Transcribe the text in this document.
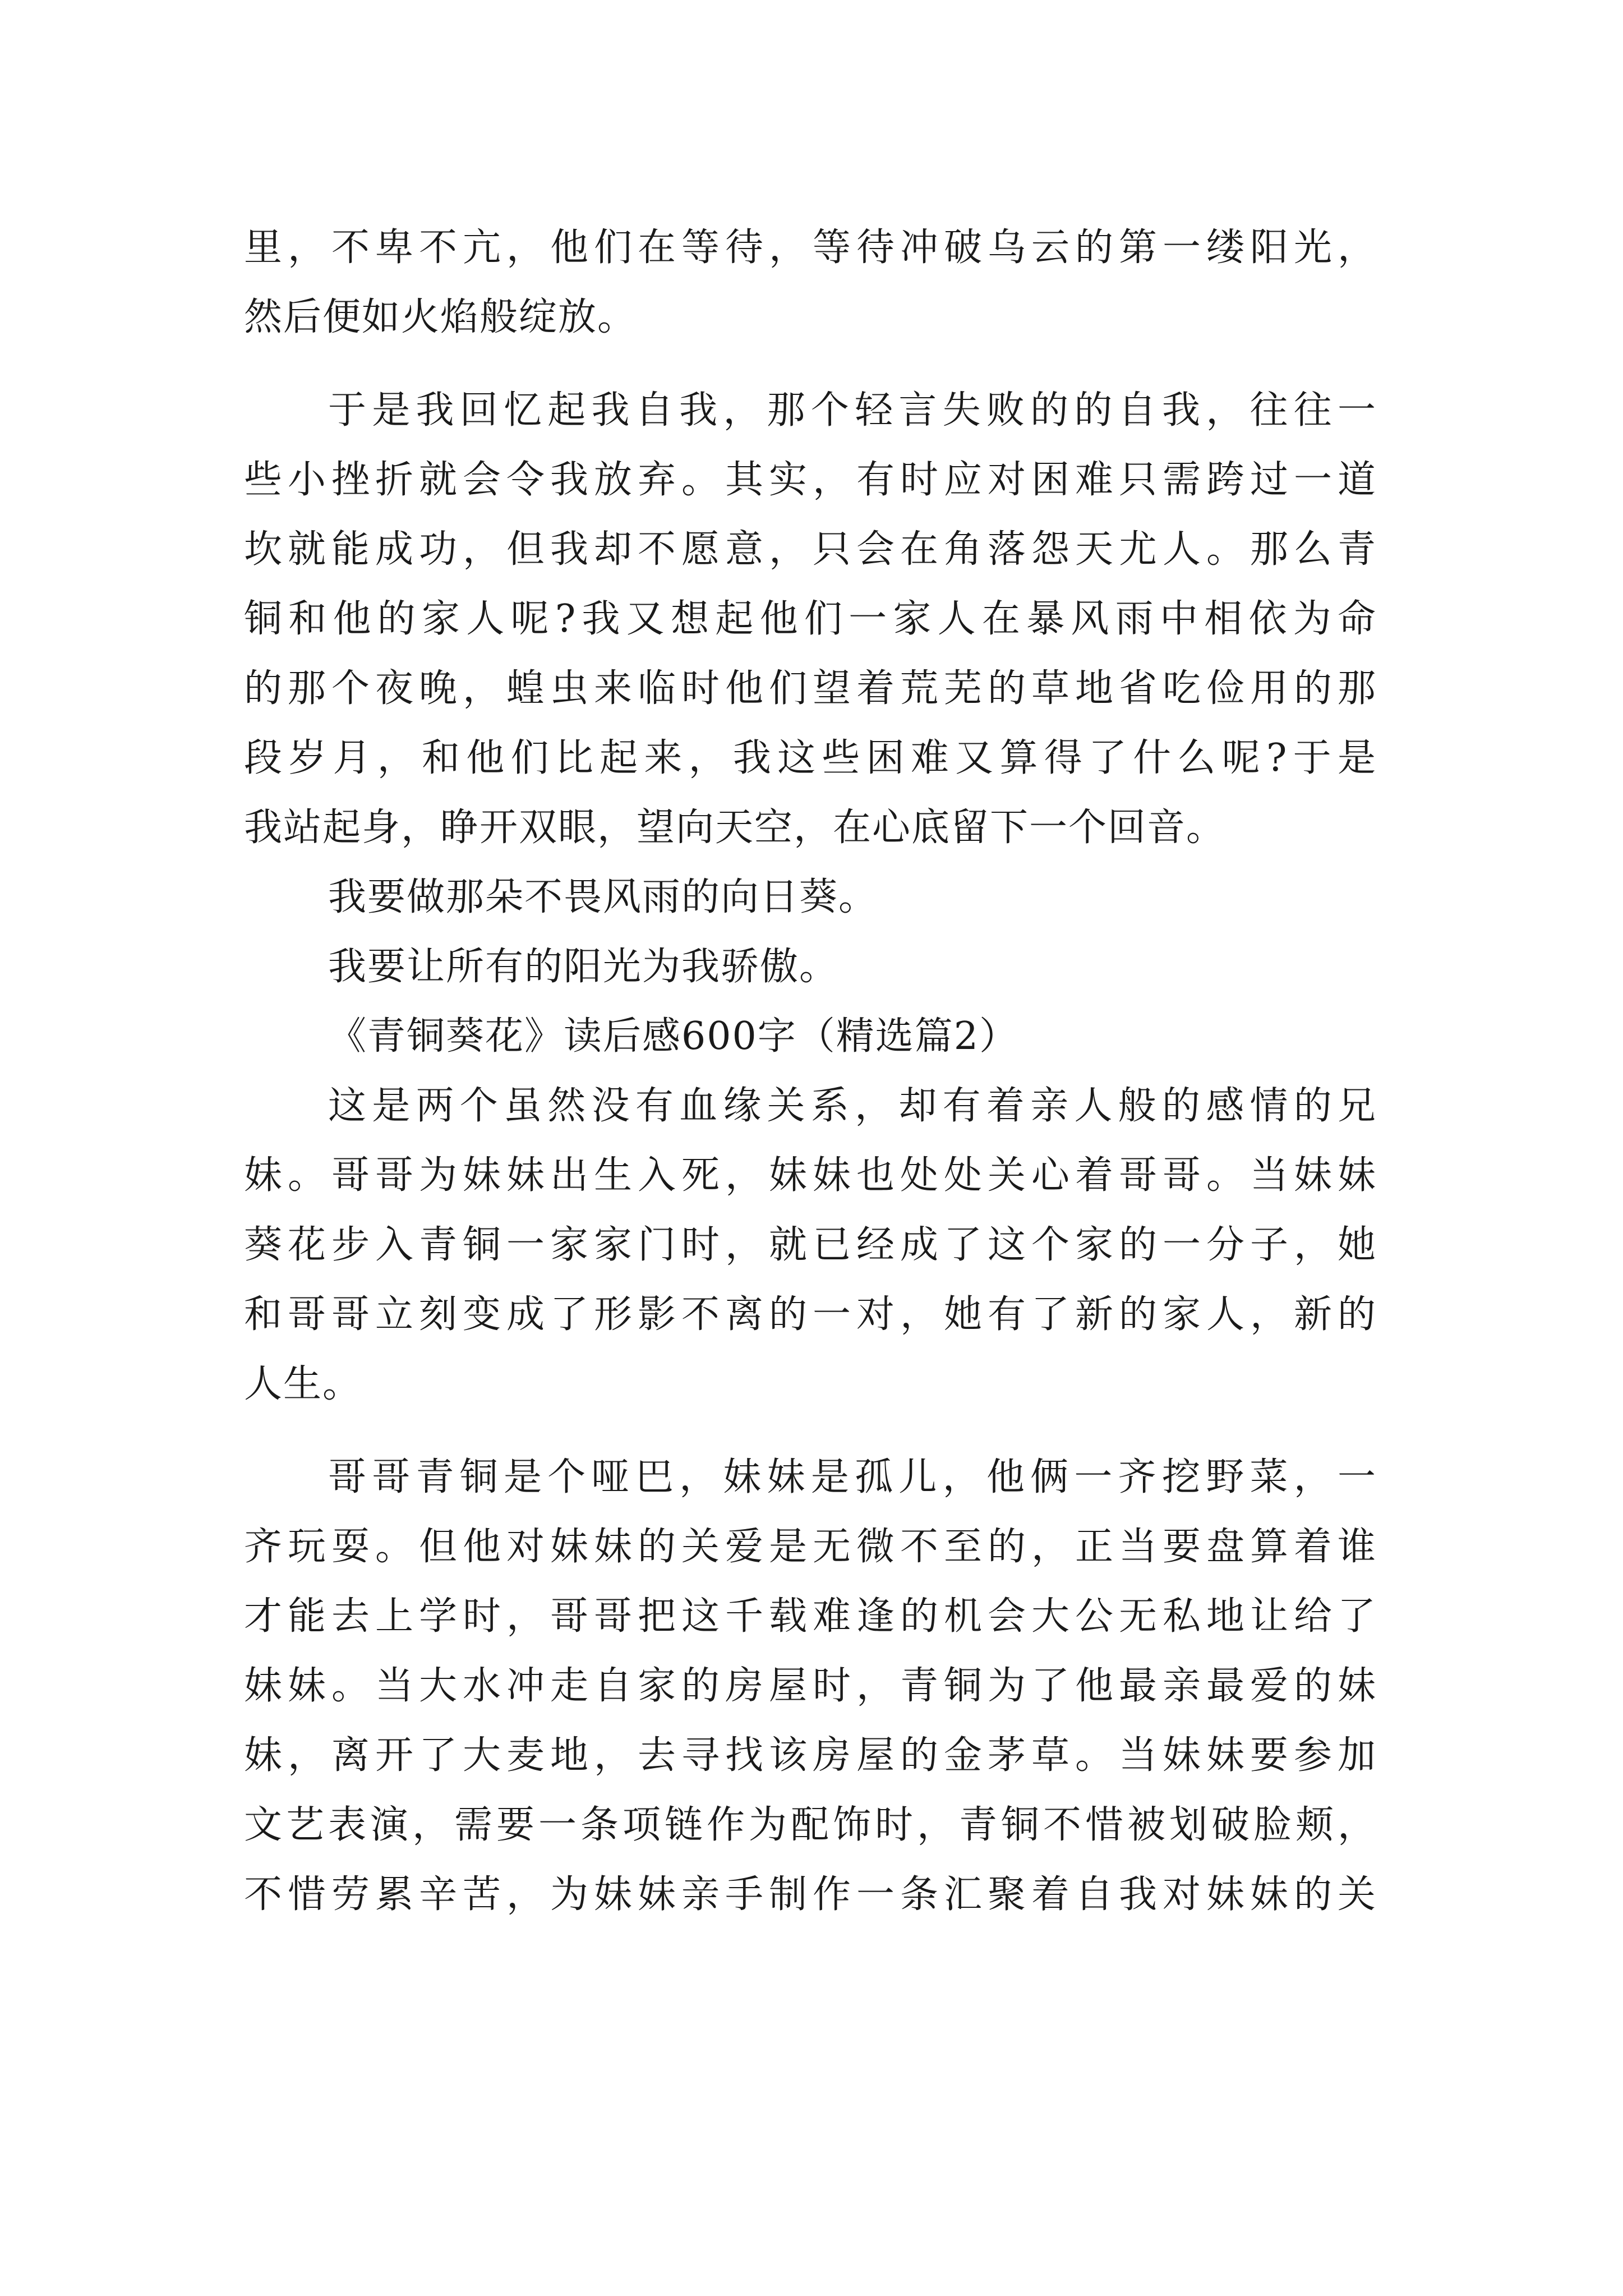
里，不卑不亢，他们在等待，等待冲破乌云的第一缕阳光，
然后便如火焰般绽放。
于是我回忆起我自我，那个轻言失败的的自我，往往一
些小挫折就会令我放弃。其实，有时应对困难只需跨过一道
坎就能成功，但我却不愿意，只会在角落怨天尤人。那么青
铜和他的家人呢?我又想起他们一家人在暴风雨中相依为命
的那个夜晚，蝗虫来临时他们望着荒芜的草地省吃俭用的那
段岁月，和他们比起来，我这些困难又算得了什么呢?于是
我站起身，睁开双眼，望向天空，在心底留下一个回音。
我要做那朵不畏风雨的向日葵。
我要让所有的阳光为我骄傲。
《青铜葵花》读后感600字（精选篇2）
这是两个虽然没有血缘关系，却有着亲人般的感情的兄
妹。哥哥为妹妹出生入死，妹妹也处处关心着哥哥。当妹妹
葵花步入青铜一家家门时，就已经成了这个家的一分子，她
和哥哥立刻变成了形影不离的一对，她有了新的家人，新的
人生。
哥哥青铜是个哑巴，妹妹是孤儿，他俩一齐挖野菜，一
齐玩耍。但他对妹妹的关爱是无微不至的，正当要盘算着谁
才能去上学时，哥哥把这千载难逢的机会大公无私地让给了
妹妹。当大水冲走自家的房屋时，青铜为了他最亲最爱的妹
妹，离开了大麦地，去寻找该房屋的金茅草。当妹妹要参加
文艺表演，需要一条项链作为配饰时，青铜不惜被划破脸颊，
不惜劳累辛苦，为妹妹亲手制作一条汇聚着自我对妹妹的关
